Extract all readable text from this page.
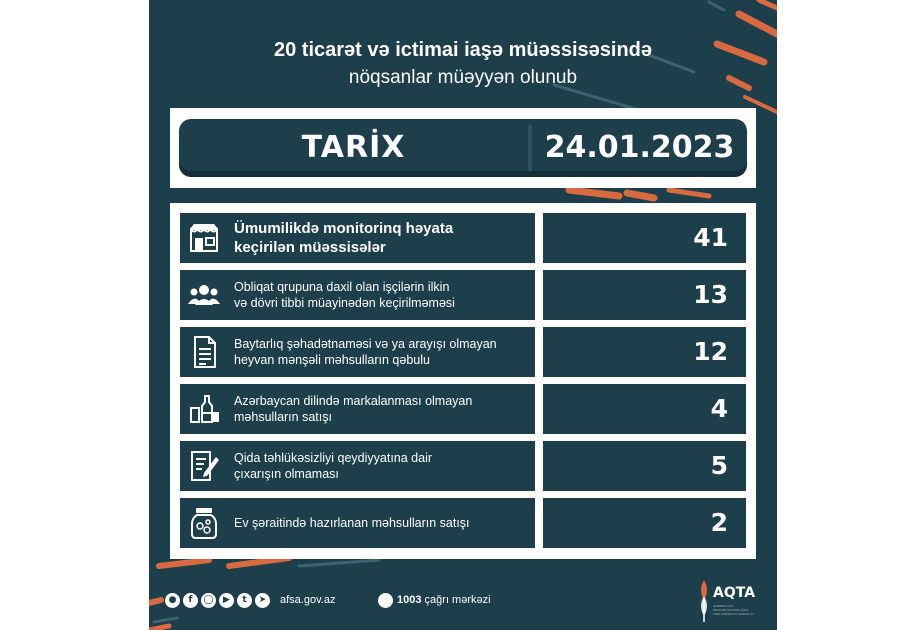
20 ticarət və ictimai iaşə müəssisəsində
nöqsanlar müəyyən olunub
TARİX	24.01.2023
Ümumilikdə monitorinq həyata
keçirilən müəssisələr	41
Obliqat qrupuna daxil olan işçilərin ilkin
və dövri tibbi müayinədən keçirilməməsi	13
Baytarlıq şəhadətnaməsi və ya arayışı olmayan
heyvan mənşəli məhsulların qəbulu	12
Azərbaycan dilində markalanması olmayan
məhsulların satışı	4
Qida təhlükəsizliyi qeydiyyatına dair
çıxarışın olmaması	5
Ev şəraitində hazırlanan məhsulların satışı	2
●	f	◯	▶	t	➤	afsa.gov.az	1003 çağrı mərkəzi	AQTA
AZƏRBAYCAN RESPUBLİKASININ QİDA TƏHLÜKƏSİZLİYİ AGENTLİYİ
